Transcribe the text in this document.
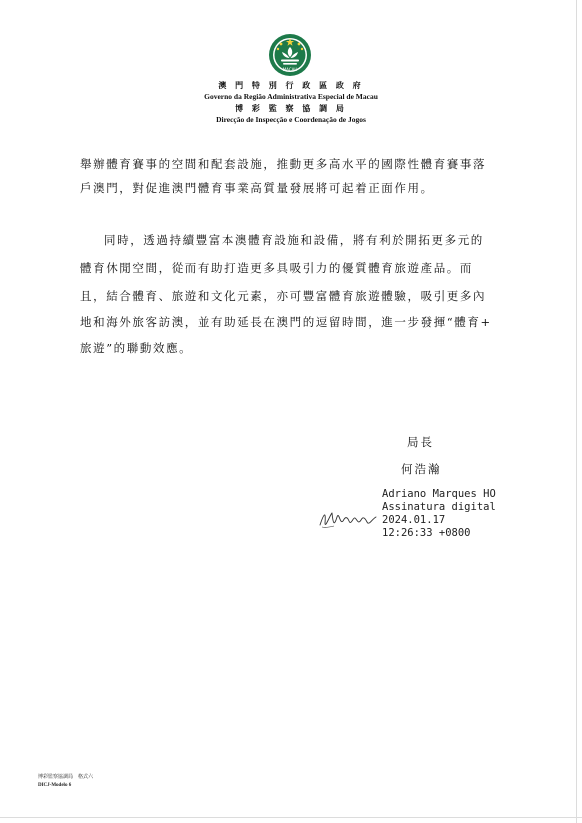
MACAU
澳 門 特 別 行 政 區 政 府
Governo da Região Administrativa Especial de Macau
博 彩 監 察 協 調 局
Direcção de Inspecção e Coordenação de Jogos
舉辦體育賽事的空間和配套設施，推動更多高水平的國際性體育賽事落
戶澳門，對促進澳門體育事業高質量發展將可起着正面作用。
同時，透過持續豐富本澳體育設施和設備，將有利於開拓更多元的
體育休閒空間，從而有助打造更多具吸引力的優質體育旅遊產品。而
且，結合體育、旅遊和文化元素，亦可豐富體育旅遊體驗，吸引更多內
地和海外旅客訪澳，並有助延長在澳門的逗留時間，進一步發揮“體育+
旅遊”的聯動效應。
局長
何浩瀚
Adriano Marques HO
Assinatura digital
2024.01.17
12:26:33 +0800
博彩監察協調局　格式六
DICJ-Modelo 6
